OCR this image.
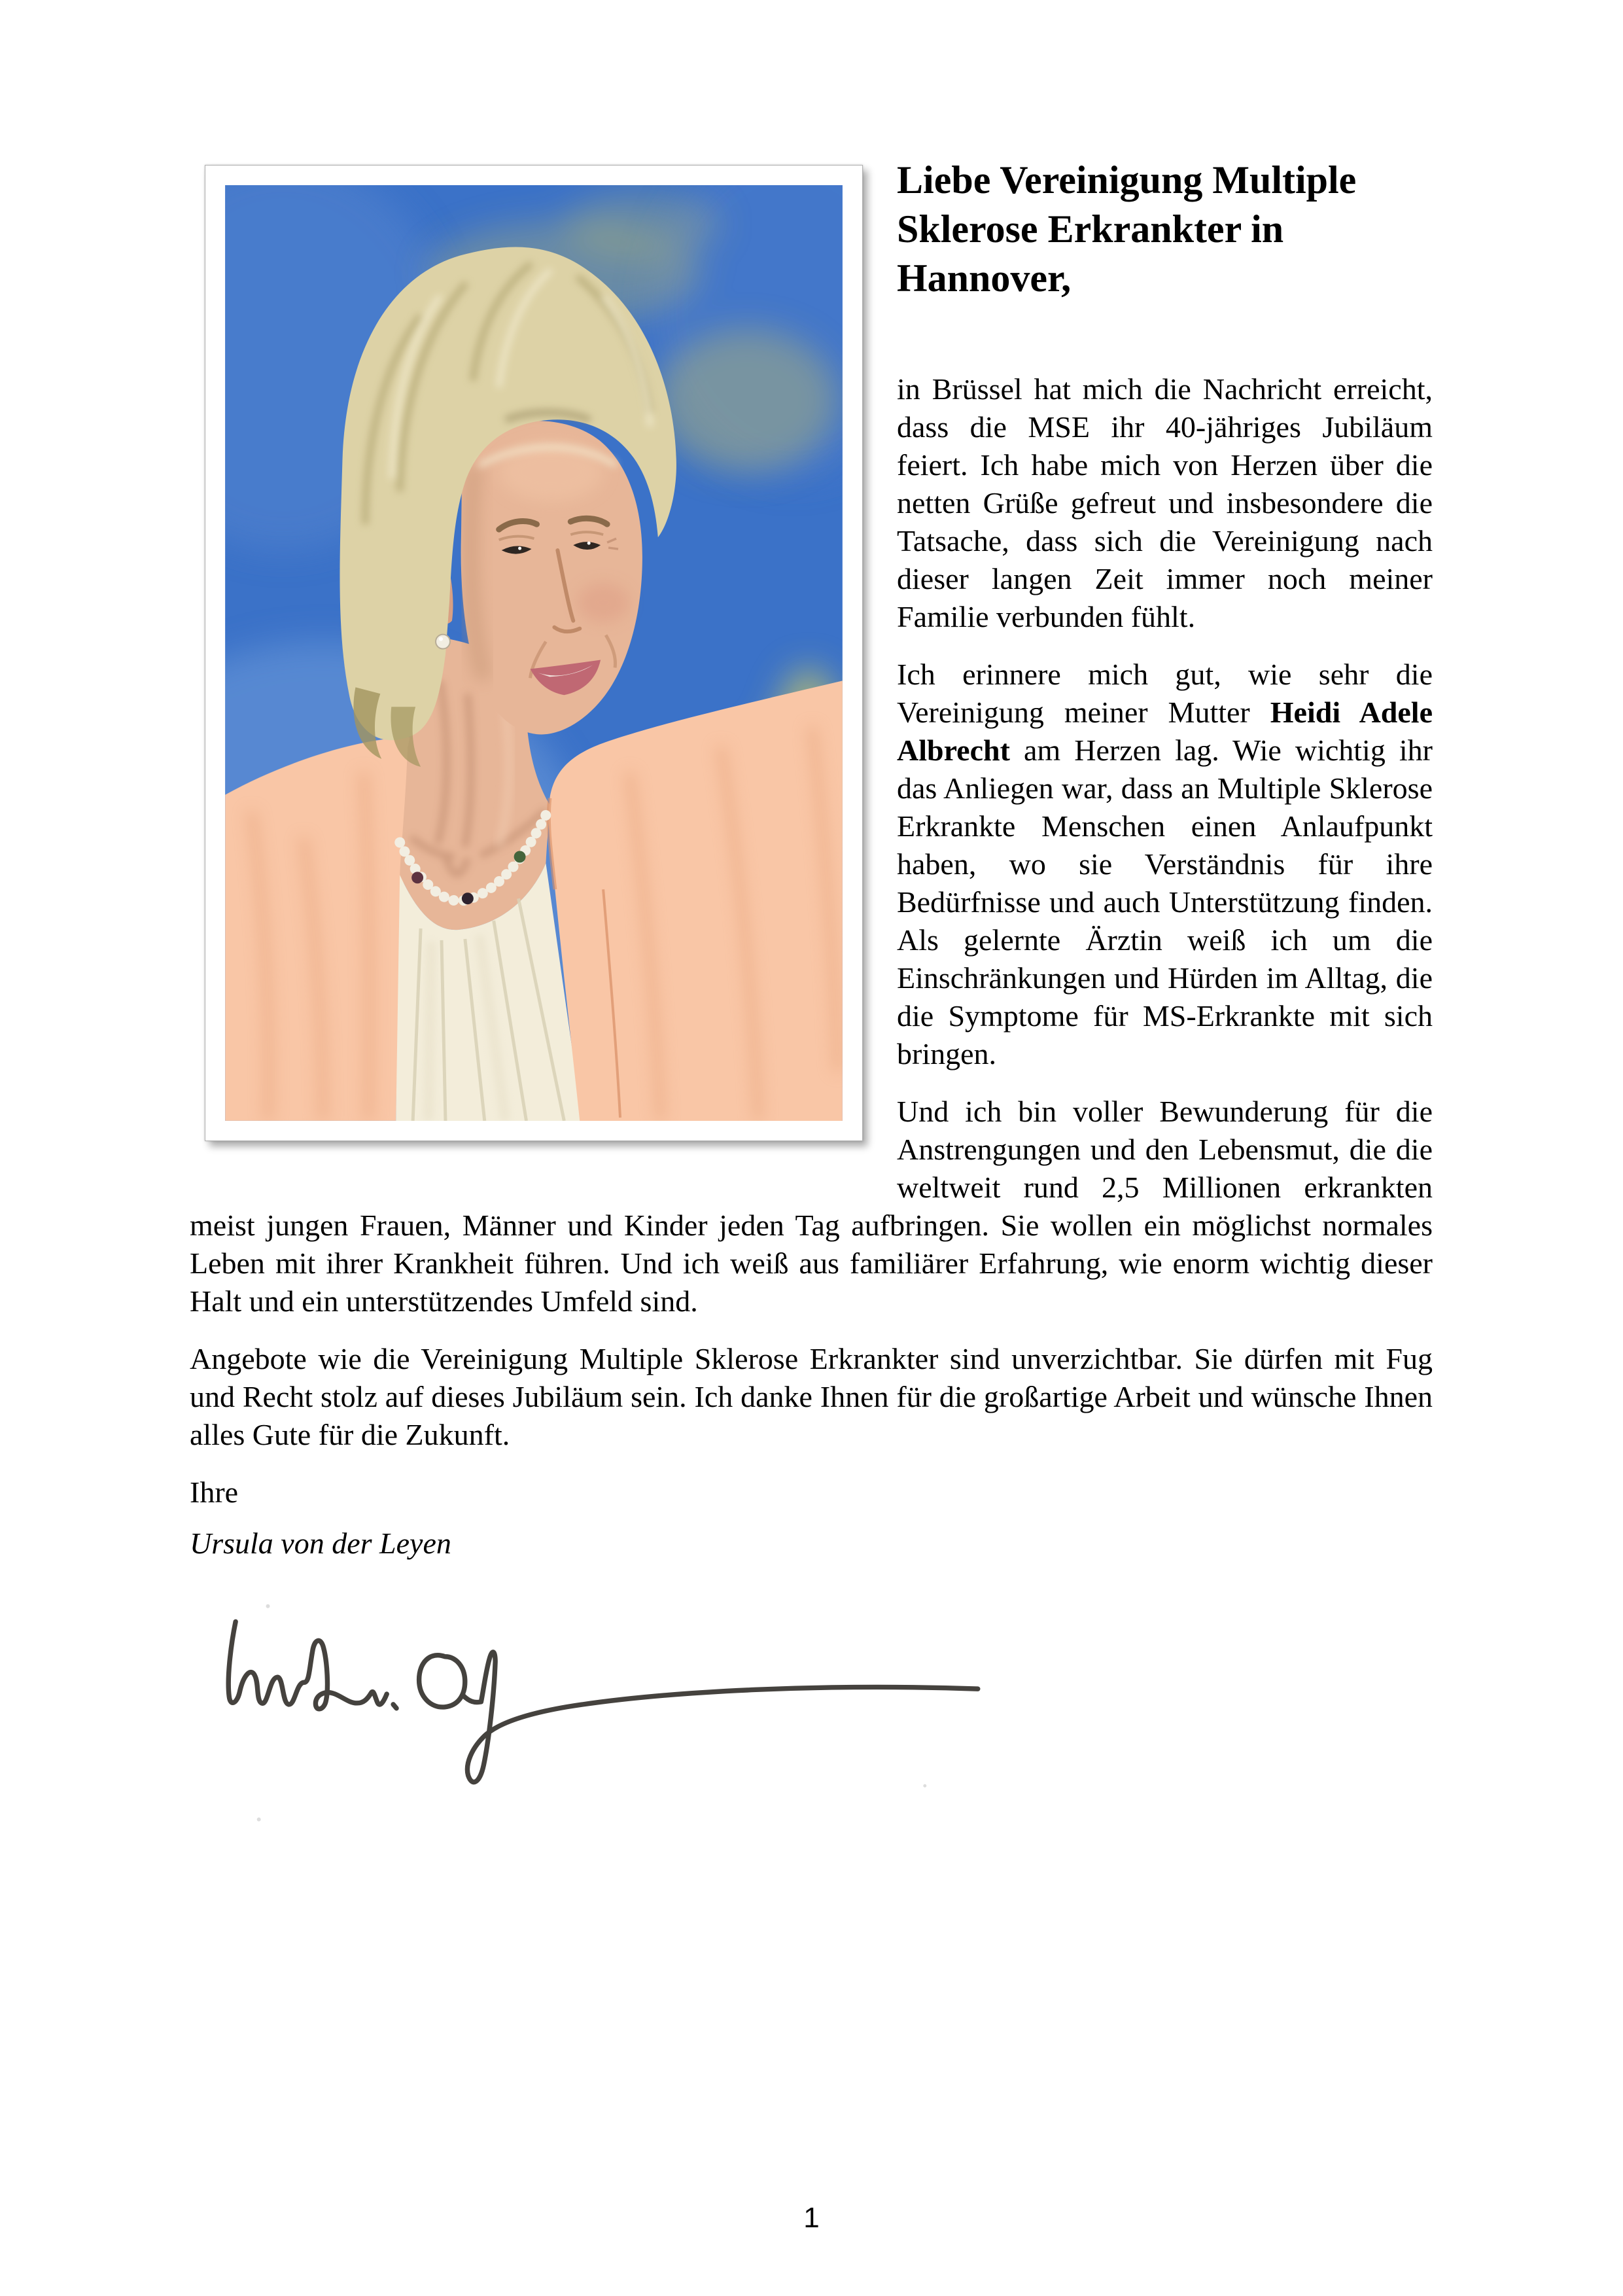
Liebe Vereinigung Multiple Sklerose Erkrankter in Hannover,

in Brüssel hat mich die Nachricht erreicht, dass die MSE ihr 40-jähriges Jubiläum feiert. Ich habe mich von Herzen über die netten Grüße gefreut und insbesondere die Tatsache, dass sich die Vereinigung nach dieser langen Zeit immer noch meiner Familie verbunden fühlt.

Ich erinnere mich gut, wie sehr die Vereinigung meiner Mutter Heidi Adele Albrecht am Herzen lag. Wie wichtig ihr das Anliegen war, dass an Multiple Sklerose Erkrankte Menschen einen Anlaufpunkt haben, wo sie Verständnis für ihre Bedürfnisse und auch Unterstützung finden. Als gelernte Ärztin weiß ich um die Einschränkungen und Hürden im Alltag, die die Symptome für MS-Erkrankte mit sich bringen.

Und ich bin voller Bewunderung für die Anstrengungen und den Lebensmut, die die weltweit rund 2,5 Millionen erkrankten meist jungen Frauen, Männer und Kinder jeden Tag aufbringen. Sie wollen ein möglichst normales Leben mit ihrer Krankheit führen. Und ich weiß aus familiärer Erfahrung, wie enorm wichtig dieser Halt und ein unterstützendes Umfeld sind.

Angebote wie die Vereinigung Multiple Sklerose Erkrankter sind unverzichtbar. Sie dürfen mit Fug und Recht stolz auf dieses Jubiläum sein. Ich danke Ihnen für die großartige Arbeit und wünsche Ihnen alles Gute für die Zukunft.

Ihre

Ursula von der Leyen

1
